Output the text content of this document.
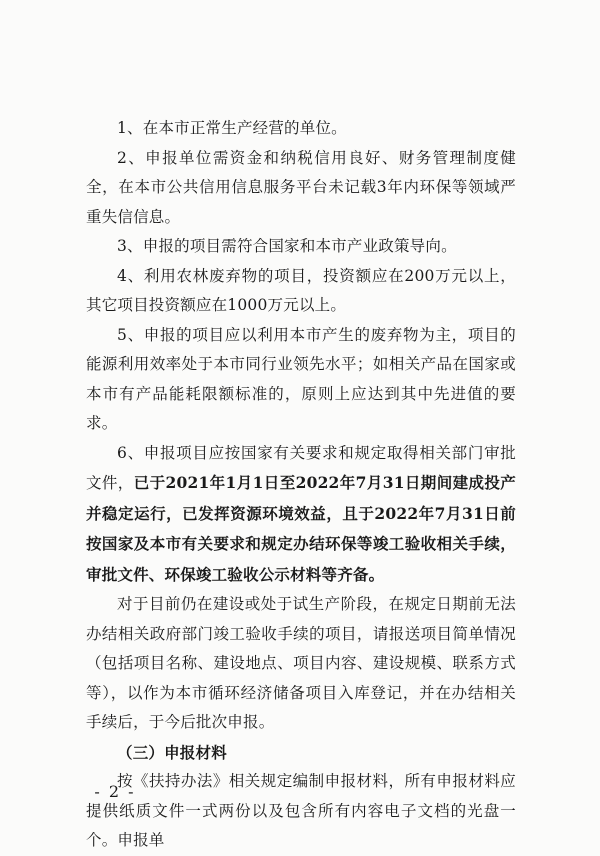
1、在本市正常生产经营的单位。

2、申报单位需资金和纳税信用良好、财务管理制度健全，在本市公共信用信息服务平台未记载3年内环保等领域严重失信信息。

3、申报的项目需符合国家和本市产业政策导向。

4、利用农林废弃物的项目，投资额应在200万元以上，其它项目投资额应在1000万元以上。

5、申报的项目应以利用本市产生的废弃物为主，项目的能源利用效率处于本市同行业领先水平；如相关产品在国家或本市有产品能耗限额标准的，原则上应达到其中先进值的要求。

6、申报项目应按国家有关要求和规定取得相关部门审批文件，已于2021年1月1日至2022年7月31日期间建成投产并稳定运行，已发挥资源环境效益，且于2022年7月31日前按国家及本市有关要求和规定办结环保等竣工验收相关手续，审批文件、环保竣工验收公示材料等齐备。

对于目前仍在建设或处于试生产阶段，在规定日期前无法办结相关政府部门竣工验收手续的项目，请报送项目简单情况（包括项目名称、建设地点、项目内容、建设规模、联系方式等），以作为本市循环经济储备项目入库登记，并在办结相关手续后，于今后批次申报。

（三）申报材料

按《扶持办法》相关规定编制申报材料，所有申报材料应提供纸质文件一式两份以及包含所有内容电子文档的光盘一个。申报单

- 2 -
